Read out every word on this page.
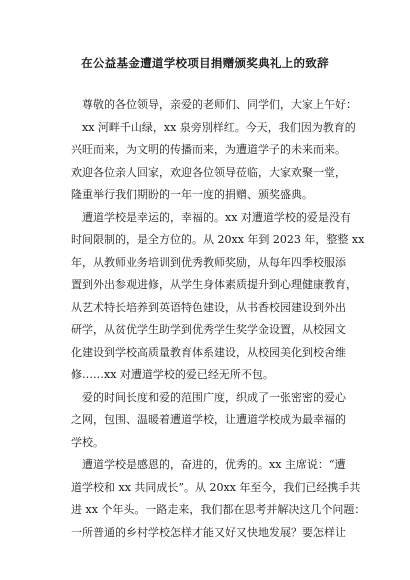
在公益基金遭道学校项目捐赠颁奖典礼上的致辞
　尊敬的各位领导，亲爱的老师们、同学们，大家上午好：
　xx 河畔千山绿，xx 泉旁別样红。今天，我们因为教育的
兴旺而来，为文明的传播而来，为遭道学子的未来而来。
欢迎各位亲人回家，欢迎各位领导莅临，大家欢聚一堂，
隆重举行我们期盼的一年一度的捐赠、颁奖盛典。
　遭道学校是幸运的，幸福的。xx 对遭道学校的爱是没有
时间限制的，是全方位的。从 20xx 年到 2023 年，整整 xx
年，从教师业务培训到优秀教师奖励，从每年四季校服添
置到外出参观进修，从学生身体素质提升到心理健康教育，
从艺术特长培养到英语特色建设，从书香校园建设到外出
研学，从贫优学生助学到优秀学生奖学金设置，从校园文
化建设到学校高质量教育体系建设，从校园美化到校舍维
修……xx 对遭道学校的爱已经无所不包。
　爱的时间长度和爱的范围广度，织成了一张密密的爱心
之网，包围、温暖着遭道学校，让遭道学校成为最幸福的
学校。
　遭道学校是感恩的，奋进的，优秀的。xx 主席说：“遭
道学校和 xx 共同成长”。从 20xx 年至今，我们已经携手共
进 xx 个年头。一路走来，我们都在思考并解决这几个问题：
一所普通的乡村学校怎样才能又好又快地发展？要怎样让
